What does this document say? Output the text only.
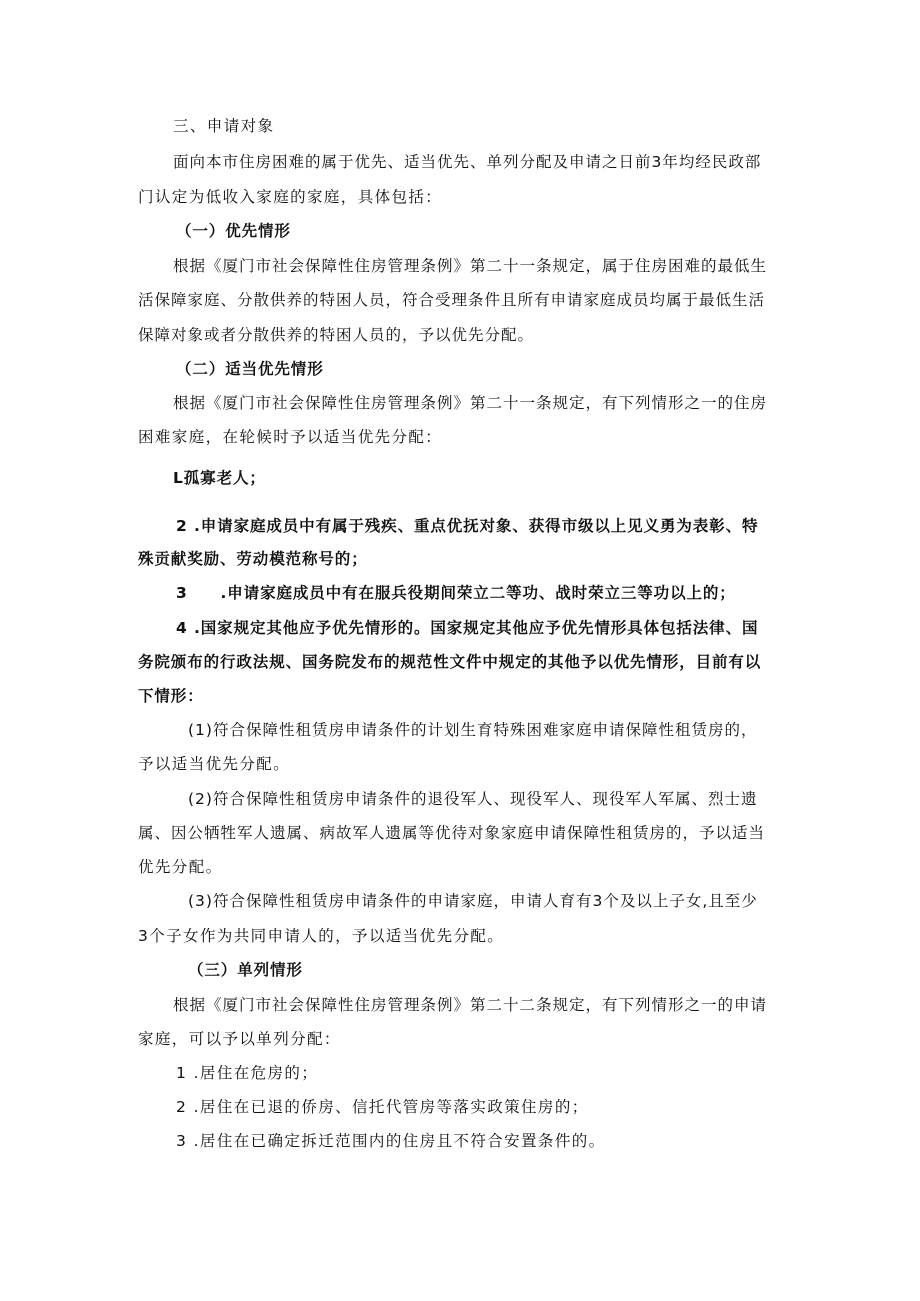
三、申请对象
面向本市住房困难的属于优先、适当优先、单列分配及申请之日前3年均经民政部
门认定为低收入家庭的家庭，具体包括：
（一）优先情形
根据《厦门市社会保障性住房管理条例》第二十一条规定，属于住房困难的最低生
活保障家庭、分散供养的特困人员，符合受理条件且所有申请家庭成员均属于最低生活
保障对象或者分散供养的特困人员的，予以优先分配。
（二）适当优先情形
根据《厦门市社会保障性住房管理条例》第二十一条规定，有下列情形之一的住房
困难家庭，在轮候时予以适当优先分配：
L孤寡老人；
2 .申请家庭成员中有属于残疾、重点优抚对象、获得市级以上见义勇为表彰、特
殊贡献奖励、劳动模范称号的；
3　　.申请家庭成员中有在服兵役期间荣立二等功、战时荣立三等功以上的；
4 .国家规定其他应予优先情形的。国家规定其他应予优先情形具体包括法律、国
务院颁布的行政法规、国务院发布的规范性文件中规定的其他予以优先情形，目前有以
下情形：
(1)符合保障性租赁房申请条件的计划生育特殊困难家庭申请保障性租赁房的，
予以适当优先分配。
(2)符合保障性租赁房申请条件的退役军人、现役军人、现役军人军属、烈士遗
属、因公牺牲军人遗属、病故军人遗属等优待对象家庭申请保障性租赁房的，予以适当
优先分配。
(3)符合保障性租赁房申请条件的申请家庭，申请人育有3个及以上子女,且至少
3个子女作为共同申请人的，予以适当优先分配。
（三）单列情形
根据《厦门市社会保障性住房管理条例》第二十二条规定，有下列情形之一的申请
家庭，可以予以单列分配：
1 .居住在危房的；
2 .居住在已退的侨房、信托代管房等落实政策住房的；
3 .居住在已确定拆迁范围内的住房且不符合安置条件的。
